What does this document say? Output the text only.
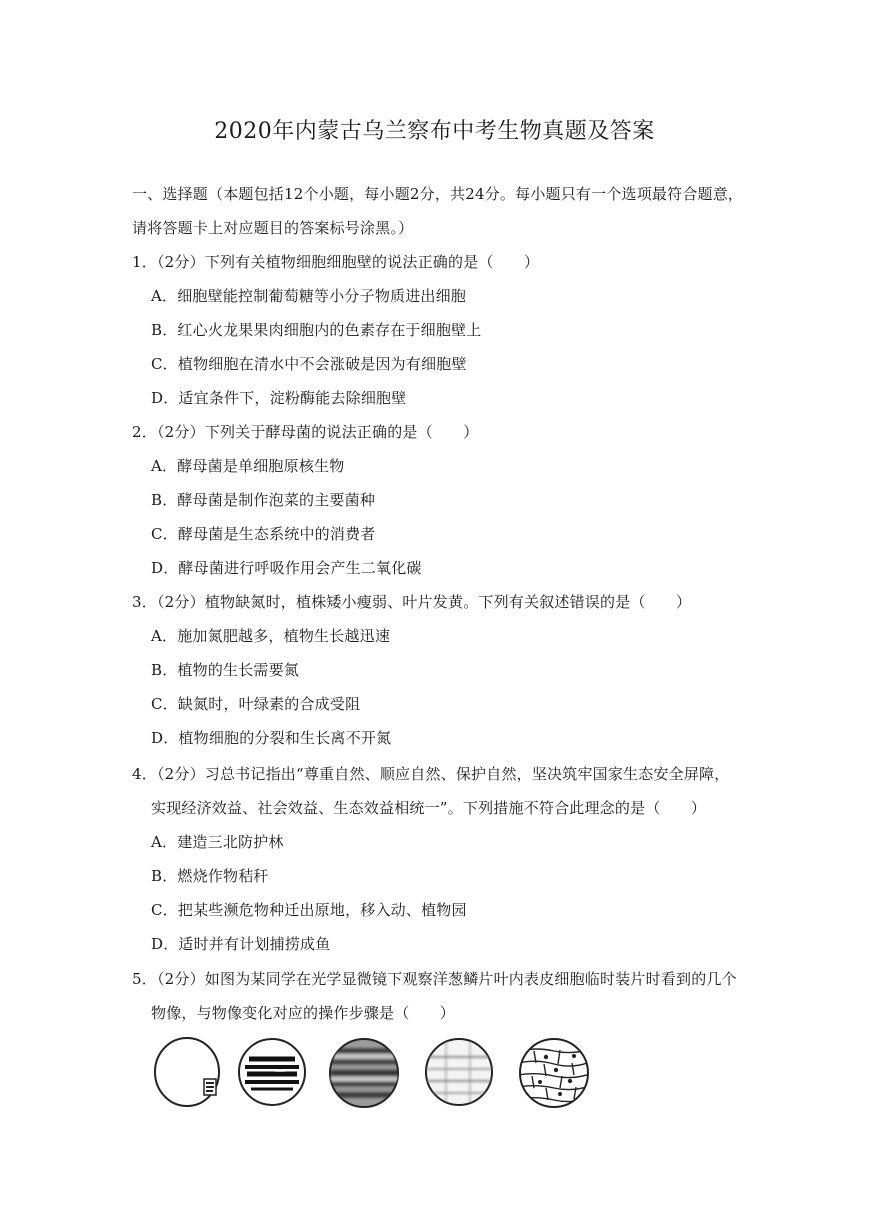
2020年内蒙古乌兰察布中考生物真题及答案
一、选择题（本题包括12个小题，每小题2分，共24分。每小题只有一个选项最符合题意，
请将答题卡上对应题目的答案标号涂黑。）
1．（2分）下列有关植物细胞细胞壁的说法正确的是（　　）
A．细胞壁能控制葡萄糖等小分子物质进出细胞
B．红心火龙果果肉细胞内的色素存在于细胞壁上
C．植物细胞在清水中不会涨破是因为有细胞壁
D．适宜条件下，淀粉酶能去除细胞壁
2．（2分）下列关于酵母菌的说法正确的是（　　）
A．酵母菌是单细胞原核生物
B．酵母菌是制作泡菜的主要菌种
C．酵母菌是生态系统中的消费者
D．酵母菌进行呼吸作用会产生二氧化碳
3．（2分）植物缺氮时，植株矮小瘦弱、叶片发黄。下列有关叙述错误的是（　　）
A．施加氮肥越多，植物生长越迅速
B．植物的生长需要氮
C．缺氮时，叶绿素的合成受阻
D．植物细胞的分裂和生长离不开氮
4．（2分）习总书记指出“尊重自然、顺应自然、保护自然，坚决筑牢国家生态安全屏障，
实现经济效益、社会效益、生态效益相统一”。下列措施不符合此理念的是（　　）
A．建造三北防护林
B．燃烧作物秸秆
C．把某些濒危物种迁出原地，移入动、植物园
D．适时并有计划捕捞成鱼
5．（2分）如图为某同学在光学显微镜下观察洋葱鳞片叶内表皮细胞临时装片时看到的几个
物像，与物像变化对应的操作步骤是（　　）
